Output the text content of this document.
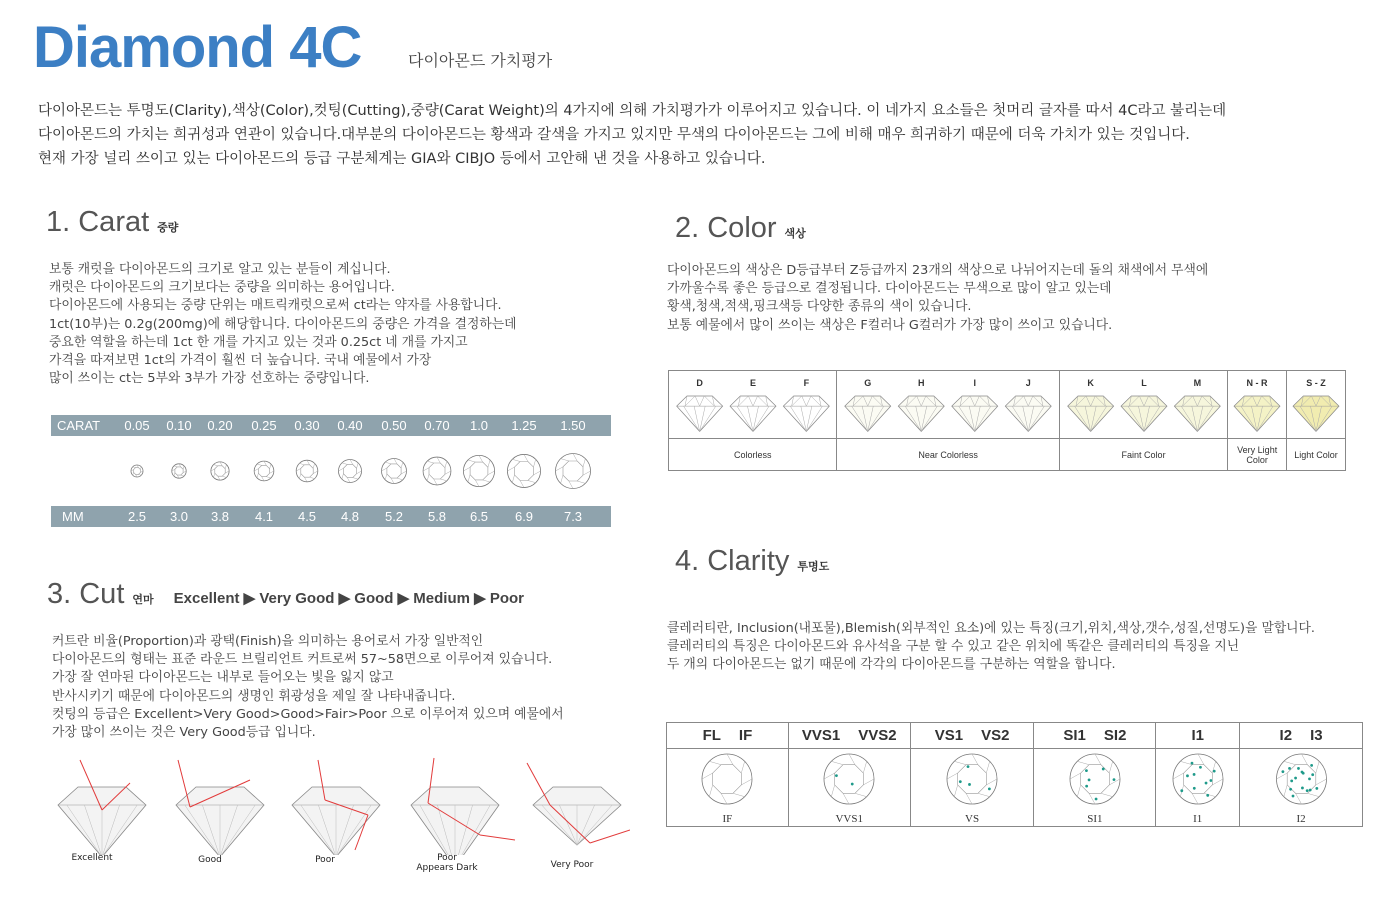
Diamond 4C	다이아몬드 가치평가
다이아몬드는 투명도(Clarity),색상(Color),컷팅(Cutting),중량(Carat Weight)의 4가지에 의해 가치평가가 이루어지고 있습니다. 이 네가지 요소들은 첫머리 글자를 따서 4C라고 불리는데
다이아몬드의 가치는 희귀성과 연관이 있습니다.대부분의 다이아몬드는 황색과 갈색을 가지고 있지만 무색의 다이아몬드는 그에 비해 매우 희귀하기 때문에 더욱 가치가 있는 것입니다.
현재 가장 널리 쓰이고 있는 다이아몬드의 등급 구분체계는 GIA와 CIBJO 등에서 고안해 낸 것을 사용하고 있습니다.
1. Carat 중량
보통 캐럿을 다이아몬드의 크기로 알고 있는 분들이 계십니다.
캐럿은 다이아몬드의 크기보다는 중량을 의미하는 용어입니다.
다이아몬드에 사용되는 중량 단위는 매트릭캐럿으로써 ct라는 약자를 사용합니다.
1ct(10부)는 0.2g(200mg)에 해당합니다. 다이아몬드의 중량은 가격을 결정하는데
중요한 역할을 하는데 1ct 한 개를 가지고 있는 것과 0.25ct 네 개를 가지고
가격을 따져보면 1ct의 가격이 훨씬 더 높습니다. 국내 예물에서 가장
많이 쓰이는 ct는 5부와 3부가 가장 선호하는 중량입니다.
CARAT 0.05 0.10 0.20 0.25 0.30 0.40 0.50 0.70 1.0 1.25 1.50
MM	2.5 3.0 3.8 4.1 4.5 4.8 5.2 5.8 6.5 6.9 7.3
2. Color 색상
다이아몬드의 색상은 D등급부터 Z등급까지 23개의 색상으로 나뉘어지는데 돌의 채색에서 무색에
가까울수록 좋은 등급으로 결정됩니다. 다이아몬드는 무색으로 많이 알고 있는데
황색,청색,적색,핑크색등 다양한 종류의 색이 있습니다.
보통 예물에서 많이 쓰이는 색상은 F컬러나 G컬러가 가장 많이 쓰이고 있습니다.
D E F	G H I J	K L M	N - R	S - Z

Colorless	Near Colorless	Faint Color	Very Light Color	Light Color
3. Cut 연마 Excellent ▶ Very Good ▶ Good ▶ Medium ▶ Poor
커트란 비율(Proportion)과 광택(Finish)을 의미하는 용어로서 가장 일반적인
다이아몬드의 형태는 표준 라운드 브릴리언트 커트로써 57~58면으로 이루어져 있습니다.
가장 잘 연마된 다이아몬드는 내부로 들어오는 빛을 잃지 않고
반사시키기 때문에 다이아몬드의 생명인 휘광성을 제일 잘 나타내줍니다.
컷팅의 등급은 Excellent>Very Good>Good>Fair>Poor 으로 이루어져 있으며 예물에서
가장 많이 쓰이는 것은 Very Good등급 입니다.
Excellent	Good	Poor	Poor
Appears Dark	Very Poor
4. Clarity 투명도
클레러티란, Inclusion(내포물),Blemish(외부적인 요소)에 있는 특징(크기,위치,색상,갯수,성질,선명도)을 말합니다.
클레러티의 특징은 다이아몬드와 유사석을 구분 할 수 있고 같은 위치에 똑같은 클레러티의 특징을 지닌
두 개의 다이아몬드는 없기 때문에 각각의 다이아몬드를 구분하는 역할을 합니다.
FL IF	VVS1 VVS2	VS1 VS2	SI1 SI2	I1	I2 I3

IF	VVS1	VS	SI1	I1	I2
